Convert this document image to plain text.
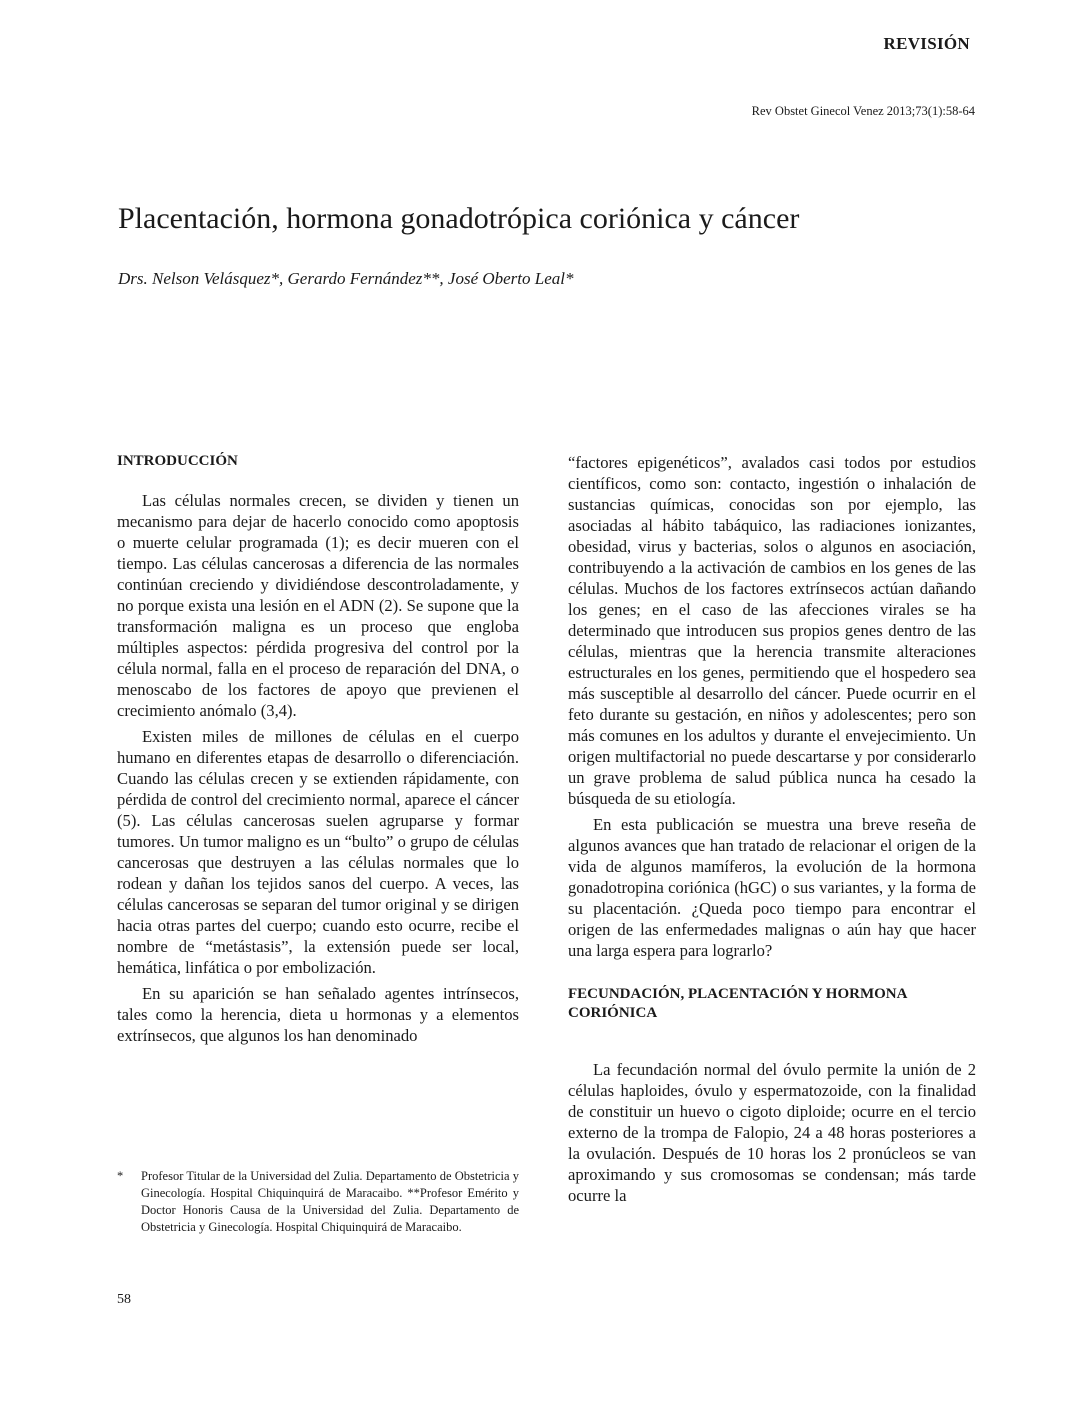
REVISIÓN
Rev Obstet Ginecol Venez 2013;73(1):58-64
Placentación, hormona gonadotrópica coriónica y cáncer
Drs. Nelson Velásquez*, Gerardo Fernández**, José Oberto Leal*
INTRODUCCIÓN

Las células normales crecen, se dividen y tienen un mecanismo para dejar de hacerlo conocido como apoptosis o muerte celular programada (1); es decir mueren con el tiempo. Las células cancerosas a diferencia de las normales continúan creciendo y dividiéndose descontroladamente, y no porque exista una lesión en el ADN (2). Se supone que la transformación maligna es un proceso que engloba múltiples aspectos: pérdida progresiva del control por la célula normal, falla en el proceso de reparación del DNA, o menoscabo de los factores de apoyo que previenen el crecimiento anómalo (3,4).

Existen miles de millones de células en el cuerpo humano en diferentes etapas de desarrollo o diferenciación. Cuando las células crecen y se extienden rápidamente, con pérdida de control del crecimiento normal, aparece el cáncer (5). Las células cancerosas suelen agruparse y formar tumores. Un tumor maligno es un “bulto” o grupo de células cancerosas que destruyen a las células normales que lo rodean y dañan los tejidos sanos del cuerpo. A veces, las células cancerosas se separan del tumor original y se dirigen hacia otras partes del cuerpo; cuando esto ocurre, recibe el nombre de “metástasis”, la extensión puede ser local, hemática, linfática o por embolización.

En su aparición se han señalado agentes intrínsecos, tales como la herencia, dieta u hormonas y a elementos extrínsecos, que algunos los han denominado

“factores epigenéticos”, avalados casi todos por estudios científicos, como son: contacto, ingestión o inhalación de sustancias químicas, conocidas son por ejemplo, las asociadas al hábito tabáquico, las radiaciones ionizantes, obesidad, virus y bacterias, solos o algunos en asociación, contribuyendo a la activación de cambios en los genes de las células. Muchos de los factores extrínsecos actúan dañando los genes; en el caso de las afecciones virales se ha determinado que introducen sus propios genes dentro de las células, mientras que la herencia transmite alteraciones estructurales en los genes, permitiendo que el hospedero sea más susceptible al desarrollo del cáncer. Puede ocurrir en el feto durante su gestación, en niños y adolescentes; pero son más comunes en los adultos y durante el envejecimiento. Un origen multifactorial no puede descartarse y por considerarlo un grave problema de salud pública nunca ha cesado la búsqueda de su etiología.

En esta publicación se muestra una breve reseña de algunos avances que han tratado de relacionar el origen de la vida de algunos mamíferos, la evolución de la hormona gonadotropina coriónica (hGC) o sus variantes, y la forma de su placentación. ¿Queda poco tiempo para encontrar el origen de las enfermedades malignas o aún hay que hacer una larga espera para lograrlo?

FECUNDACIÓN, PLACENTACIÓN Y HORMONA
CORIÓNICA

La fecundación normal del óvulo permite la unión de 2 células haploides, óvulo y espermatozoide, con la finalidad de constituir un huevo o cigoto diploide; ocurre en el tercio externo de la trompa de Falopio, 24 a 48 horas posteriores a la ovulación. Después de 10 horas los 2 pronúcleos se van aproximando y sus cromosomas se condensan; más tarde ocurre la

*	Profesor Titular de la Universidad del Zulia. Departamento de Obstetricia y Ginecología. Hospital Chiquinquirá de Maracaibo. **Profesor Emérito y Doctor Honoris Causa de la Universidad del Zulia. Departamento de Obstetricia y Ginecología. Hospital Chiquinquirá de Maracaibo.
58
